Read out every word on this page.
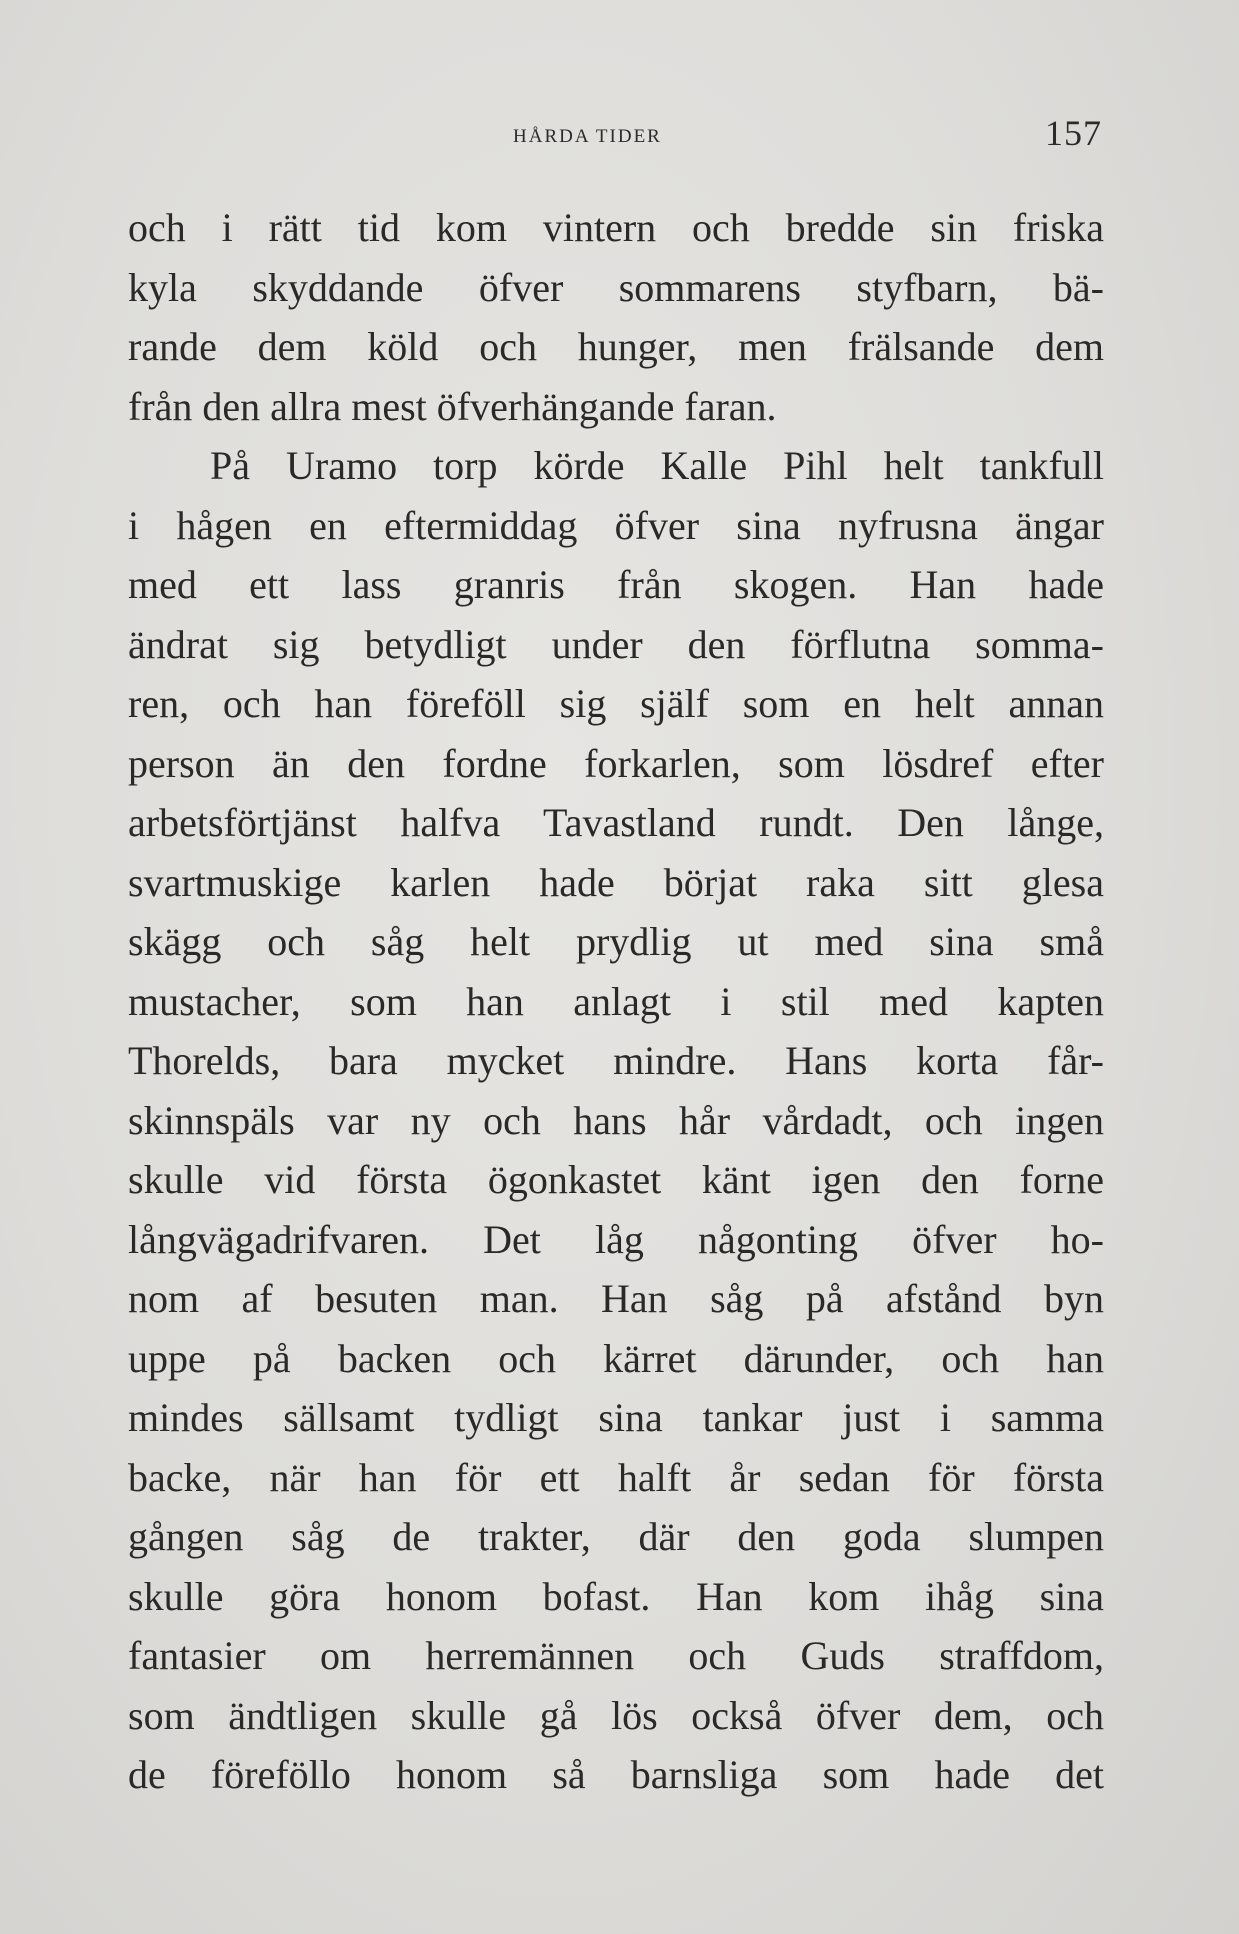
HÅRDA TIDER	157
och i rätt tid kom vintern och bredde sin friska
kyla skyddande öfver sommarens styfbarn, bä-
rande dem köld och hunger, men frälsande dem
från den allra mest öfverhängande faran.
På Uramo torp körde Kalle Pihl helt tankfull
i hågen en eftermiddag öfver sina nyfrusna ängar
med ett lass granris från skogen. Han hade
ändrat sig betydligt under den förflutna somma-
ren, och han föreföll sig själf som en helt annan
person än den fordne forkarlen, som lösdref efter
arbetsförtjänst halfva Tavastland rundt. Den långe,
svartmuskige karlen hade börjat raka sitt glesa
skägg och såg helt prydlig ut med sina små
mustacher, som han anlagt i stil med kapten
Thorelds, bara mycket mindre. Hans korta får-
skinnspäls var ny och hans hår vårdadt, och ingen
skulle vid första ögonkastet känt igen den forne
långvägadrifvaren. Det låg någonting öfver ho-
nom af besuten man. Han såg på afstånd byn
uppe på backen och kärret därunder, och han
mindes sällsamt tydligt sina tankar just i samma
backe, när han för ett halft år sedan för första
gången såg de trakter, där den goda slumpen
skulle göra honom bofast. Han kom ihåg sina
fantasier om herremännen och Guds straffdom,
som ändtligen skulle gå lös också öfver dem, och
de föreföllo honom så barnsliga som hade det
